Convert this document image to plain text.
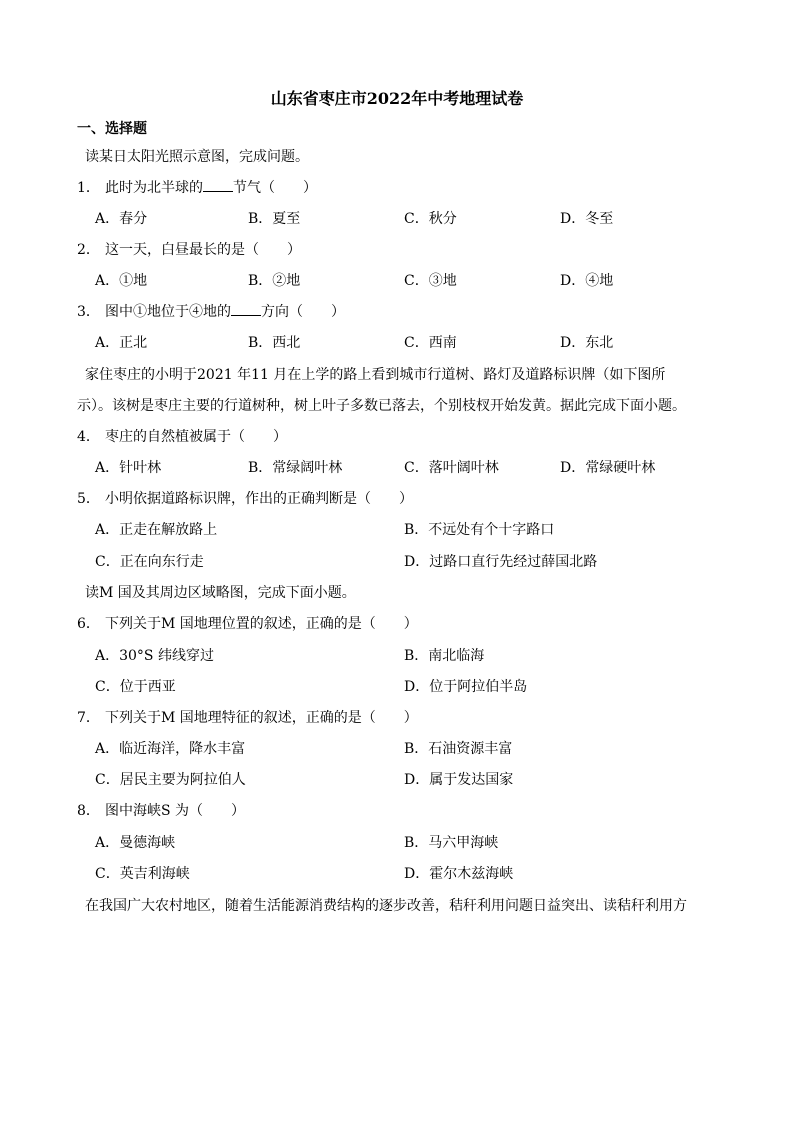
山东省枣庄市2022年中考地理试卷
一、选择题
读某日太阳光照示意图，完成问题。
1． 此时为北半球的 节气（　　）
A．春分	B．夏至	C．秋分	D．冬至
2． 这一天，白昼最长的是（　　）
A．①地	B．②地	C．③地	D．④地
3． 图中①地位于④地的 方向（　　）
A．正北	B．西北	C．西南	D．东北
家住枣庄的小明于2021 年11 月在上学的路上看到城市行道树、路灯及道路标识牌（如下图所
示）。该树是枣庄主要的行道树种，树上叶子多数已落去，个别枝杈开始发黄。据此完成下面小题。
4． 枣庄的自然植被属于（　　）
A．针叶林	B．常绿阔叶林	C．落叶阔叶林	D．常绿硬叶林
5． 小明依据道路标识牌，作出的正确判断是（　　）
A．正走在解放路上	B．不远处有个十字路口
C．正在向东行走	D．过路口直行先经过薛国北路
读M 国及其周边区域略图，完成下面小题。
6． 下列关于M 国地理位置的叙述，正确的是（　　）
A．30°S 纬线穿过	B．南北临海
C．位于西亚	D．位于阿拉伯半岛
7． 下列关于M 国地理特征的叙述，正确的是（　　）
A．临近海洋，降水丰富	B．石油资源丰富
C．居民主要为阿拉伯人	D．属于发达国家
8． 图中海峡S 为（　　）
A．曼德海峡	B．马六甲海峡
C．英吉利海峡	D．霍尔木兹海峡
在我国广大农村地区，随着生活能源消费结构的逐步改善，秸秆利用问题日益突出、读秸秆利用方
